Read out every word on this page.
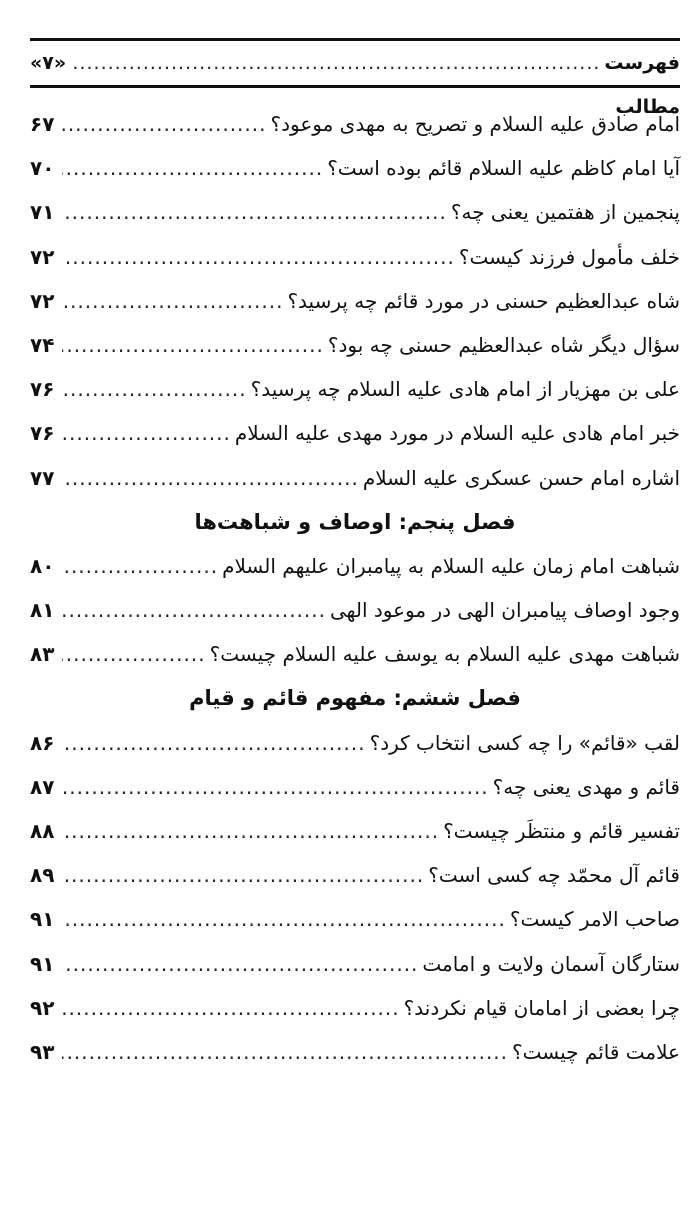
فهرست مطالب
.....
«۷»
امام صادق علیه السلام و تصریح به مهدی موعود؟
.....
۶۷
آیا امام کاظم علیه السلام قائم بوده است؟
.....
۷۰
پنجمین از هفتمین یعنی چه؟
.....
۷۱
خلف مأمول فرزند کیست؟
.....
۷۲
شاه عبدالعظیم حسنی در مورد قائم چه پرسید؟
.....
۷۲
سؤال دیگر شاه عبدالعظیم حسنی چه بود؟
.....
۷۴
علی بن مهزیار از امام هادی علیه السلام چه پرسید؟
.....
۷۶
خبر امام هادی علیه السلام در مورد مهدی علیه السلام
.....
۷۶
اشاره امام حسن عسکری علیه السلام
.....
۷۷
فصل پنجم: اوصاف و شباهت‌ها
شباهت امام زمان علیه السلام به پیامبران علیهم السلام
.....
۸۰
وجود اوصاف پیامبران الهی در موعود الهی
.....
۸۱
شباهت مهدی علیه السلام به یوسف علیه السلام چیست؟
.....
۸۳
فصل ششم: مفهوم قائم و قیام
لقب «قائم» را چه کسی انتخاب کرد؟
.....
۸۶
قائم و مهدی یعنی چه؟
.....
۸۷
تفسیر قائم و منتظَر چیست؟
.....
۸۸
قائم آل محمّد چه کسی است؟
.....
۸۹
صاحب الامر کیست؟
.....
۹۱
ستارگان آسمان ولایت و امامت
.....
۹۱
چرا بعضی از امامان قیام نکردند؟
.....
۹۲
علامت قائم چیست؟
.....
۹۳
